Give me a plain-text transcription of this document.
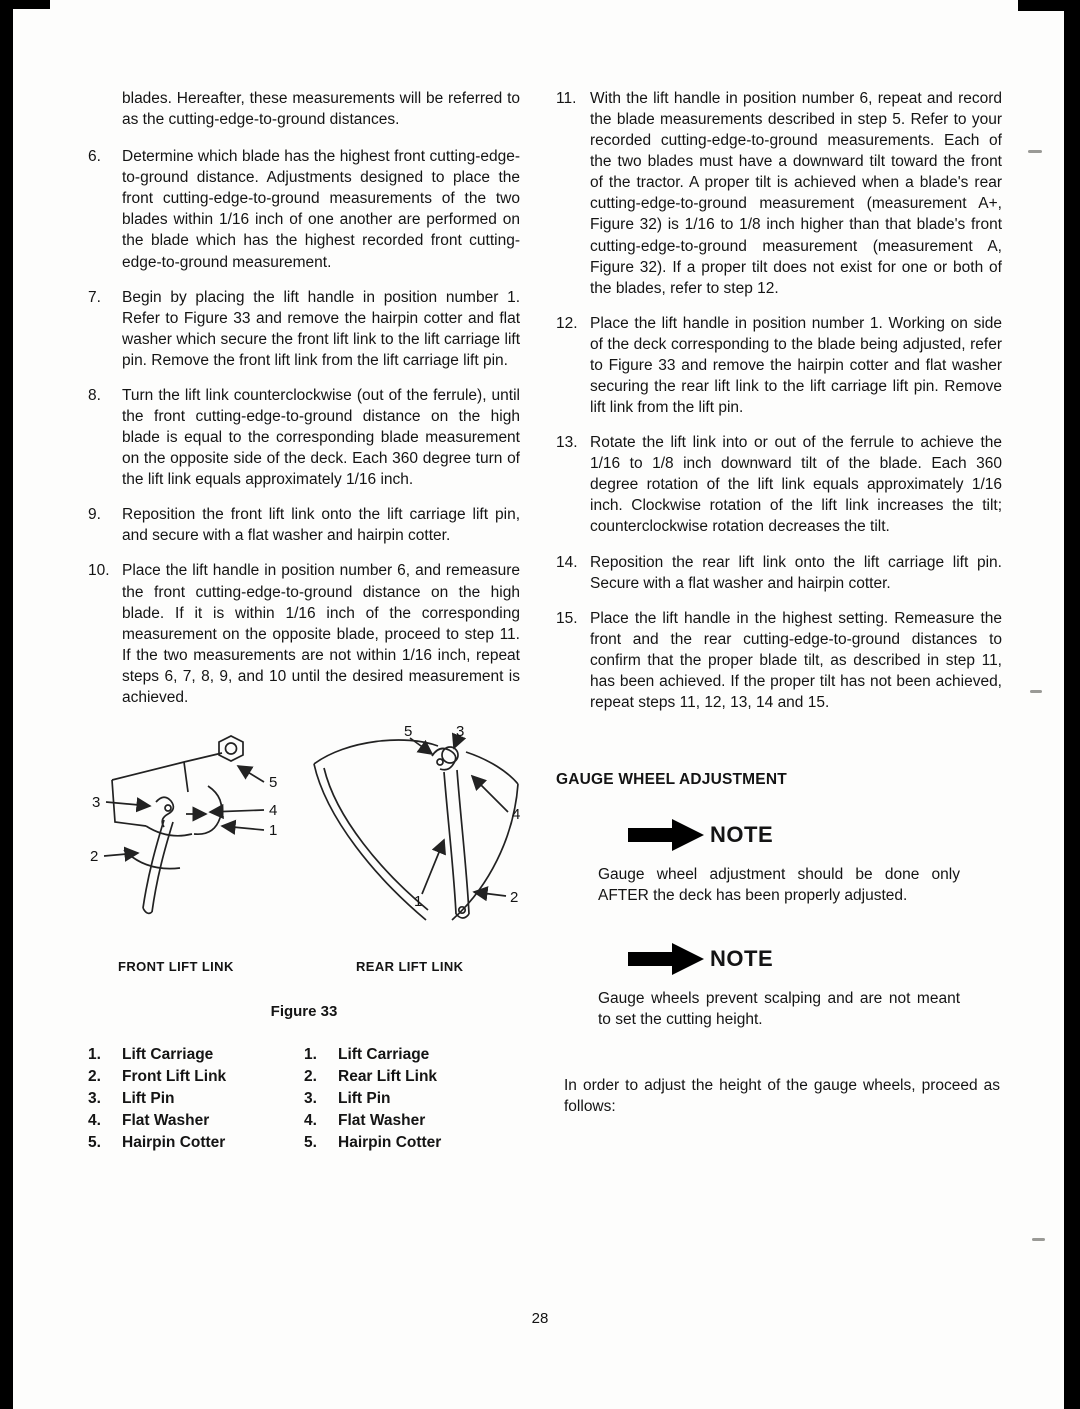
blades. Hereafter, these measurements will be referred to as the cutting-edge-to-ground distances.

6.	Determine which blade has the highest front cutting-edge-to-ground distance. Adjustments designed to place the front cutting-edge-to-ground measurements of the two blades within 1/16 inch of one another are performed on the blade which has the highest recorded front cutting-edge-to-ground measurement.
7.	Begin by placing the lift handle in position number 1. Refer to Figure 33 and remove the hairpin cotter and flat washer which secure the front lift link to the lift carriage lift pin. Remove the front lift link from the lift carriage lift pin.
8.	Turn the lift link counterclockwise (out of the ferrule), until the front cutting-edge-to-ground distance on the high blade is equal to the corresponding blade measurement on the opposite side of the deck. Each 360 degree turn of the lift link equals approximately 1/16 inch.
9.	Reposition the front lift link onto the lift carriage lift pin, and secure with a flat washer and hairpin cotter.
10. Place the lift handle in position number 6, and remeasure the front cutting-edge-to-ground distance on the high blade. If it is within 1/16 inch of the corresponding measurement on the opposite blade, proceed to step 11. If the two measurements are not within 1/16 inch, repeat steps 6, 7, 8, 9, and 10 until the desired measurement is achieved.
5
3	4
1
2
5	3
4
1	2
FRONT LIFT LINK	REAR LIFT LINK
Figure 33
1.	Lift Carriage
2.	Front Lift Link
3.	Lift Pin
4.	Flat Washer
5.	Hairpin Cotter
1.	Lift Carriage
2.	Rear Lift Link
3.	Lift Pin
4.	Flat Washer
5.	Hairpin Cotter
11. With the lift handle in position number 6, repeat and record the blade measurements described in step 5. Refer to your recorded cutting-edge-to-ground measurements. Each of the two blades must have a downward tilt toward the front of the tractor. A proper tilt is achieved when a blade's rear cutting-edge-to-ground measurement (measurement A+, Figure 32) is 1/16 to 1/8 inch higher than that blade's front cutting-edge-to-ground measurement (measurement A, Figure 32). If a proper tilt does not exist for one or both of the blades, refer to step 12.
12. Place the lift handle in position number 1. Working on side of the deck corresponding to the blade being adjusted, refer to Figure 33 and remove the hairpin cotter and flat washer securing the rear lift link to the lift carriage lift pin. Remove lift link from the lift pin.
13. Rotate the lift link into or out of the ferrule to achieve the 1/16 to 1/8 inch downward tilt of the blade. Each 360 degree rotation of the lift link equals approximately 1/16 inch. Clockwise rotation of the lift link increases the tilt; counterclockwise rotation decreases the tilt.
14. Reposition the rear lift link onto the lift carriage lift pin. Secure with a flat washer and hairpin cotter.
15. Place the lift handle in the highest setting. Remeasure the front and the rear cutting-edge-to-ground distances to confirm that the proper blade tilt, as described in step 11, has been achieved. If the proper tilt has not been achieved, repeat steps 11, 12, 13, 14 and 15.
GAUGE WHEEL ADJUSTMENT
NOTE

Gauge wheel adjustment should be done only AFTER the deck has been properly adjusted.

NOTE

Gauge wheels prevent scalping and are not meant to set the cutting height.

In order to adjust the height of the gauge wheels, proceed as follows:

28
